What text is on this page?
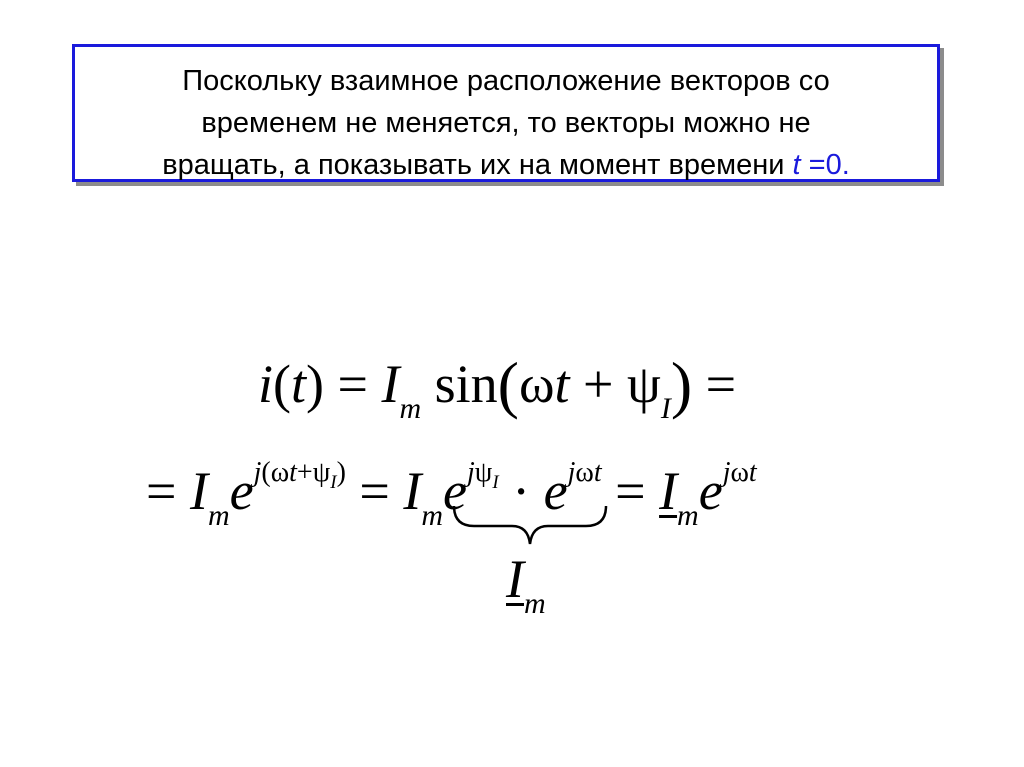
Поскольку взаимное расположение векторов со
временем не меняется, то векторы можно не
вращать, а показывать их на момент времени t =0.
$i(t) = I_m$ $\sin(\omega t + \psi_I)$ =
= $I_me^{j(\omega t+\psi_I)} = I_me^{j\psi_I} \cdot e^{j\omega t} = I_me^{j\omega t}$
$I_m$
